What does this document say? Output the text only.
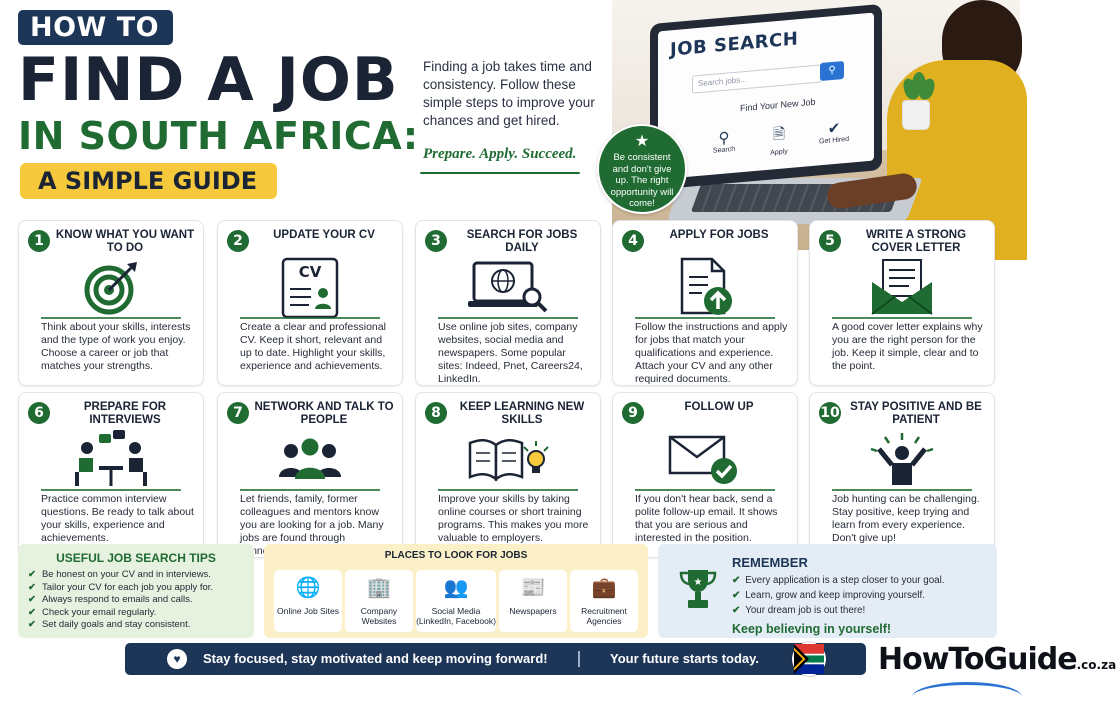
HOW TO
FIND A JOB
IN SOUTH AFRICA:
A SIMPLE GUIDE
Finding a job takes time and consistency. Follow these simple steps to improve your chances and get hired.
Prepare. Apply. Succeed.
JOB SEARCH
Search jobs...
⚲
Find Your New Job
⚲
Search
🗎
Apply
✔
Get Hired
★
Be consistent and don't give up. The right opportunity will come!
1	KNOW WHAT YOU WANT TO DO
Think about your skills, interests and the type of work you enjoy. Choose a career or job that matches your strengths.
2	UPDATE YOUR CV
CV
Create a clear and professional CV. Keep it short, relevant and up to date. Highlight your skills, experience and achievements.
3	SEARCH FOR JOBS DAILY
Use online job sites, company websites, social media and newspapers. Some popular sites: Indeed, Pnet, Careers24, LinkedIn.
4	APPLY FOR JOBS
Follow the instructions and apply for jobs that match your qualifications and experience. Attach your CV and any other required documents.
5	WRITE A STRONG COVER LETTER
A good cover letter explains why you are the right person for the job. Keep it simple, clear and to the point.
6	PREPARE FOR INTERVIEWS
Practice common interview questions. Be ready to talk about your skills, experience and achievements.
7	NETWORK AND TALK TO PEOPLE
Let friends, family, former colleagues and mentors know you are looking for a job. Many jobs are found through
8	KEEP LEARNING NEW SKILLS
Improve your skills by taking online courses or short training programs. This makes you more valuable to employers.
9	FOLLOW UP
If you don't hear back, send a polite follow-up email. It shows that you are serious and interested in the position.
10 STAY POSITIVE AND BE PATIENT
Job hunting can be challenging. Stay positive, keep trying and learn from every experience. Don't give up!
USEFUL JOB SEARCH TIPS
✔ Be honest on your CV and in interviews.
✔ Tailor your CV for each job you apply for.
✔ Always respond to emails and calls.
✔ Check your email regularly.
✔ Set daily goals and stay consistent.
PLACES TO LOOK FOR JOBS
🌐
Online Job Sites
🏢
Company Websites
👥
Social Media (LinkedIn, Facebook)
📰
Newspapers
💼
Recruitment Agencies
★
REMEMBER
✔ Every application is a step closer to your goal.
✔ Learn, grow and keep improving yourself.
✔ Your dream job is out there!
Keep believing in yourself!
♥	Stay focused, stay motivated and keep moving forward!	Your future starts today.	HowToGuide.co.za
